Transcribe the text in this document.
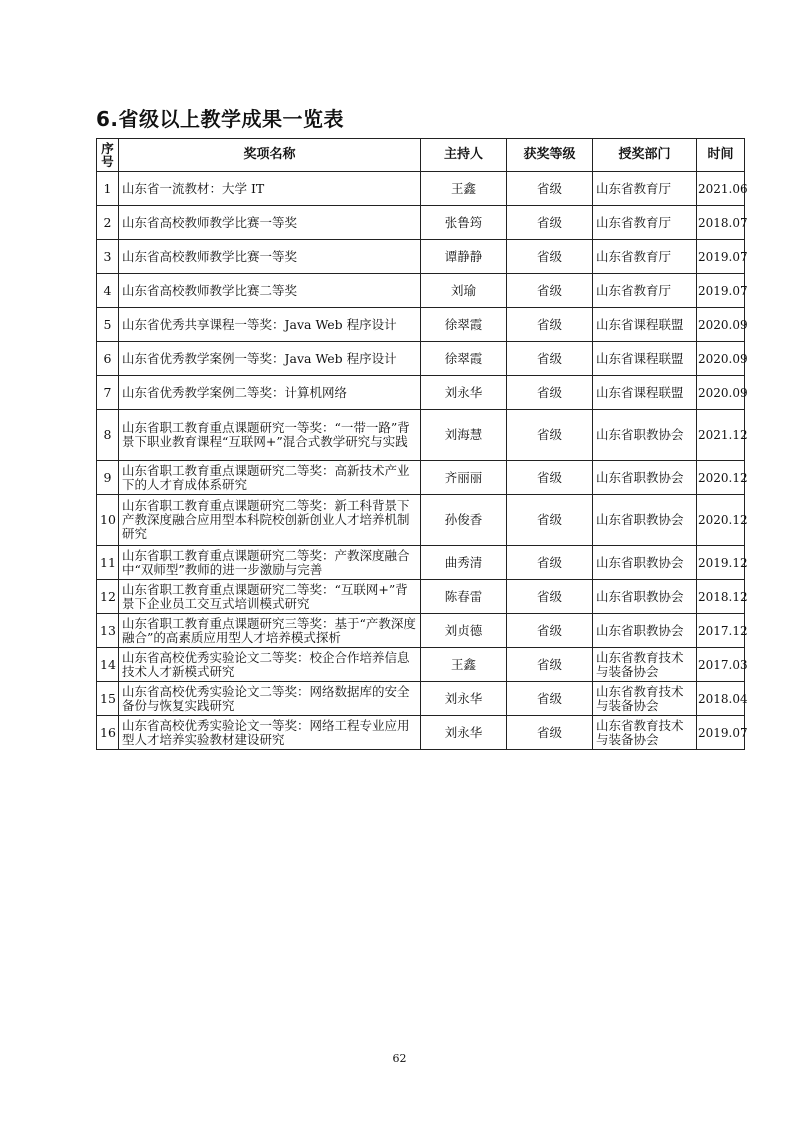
6.省级以上教学成果一览表
序号	奖项名称	主持人	获奖等级	授奖部门	时间
1	山东省一流教材：大学 IT	王鑫	省级	山东省教育厅	2021.06
2	山东省高校教师教学比赛一等奖	张鲁筠	省级	山东省教育厅	2018.07
3	山东省高校教师教学比赛一等奖	谭静静	省级	山东省教育厅	2019.07
4	山东省高校教师教学比赛二等奖	刘瑜	省级	山东省教育厅	2019.07
5	山东省优秀共享课程一等奖：Java Web 程序设计	徐翠霞	省级	山东省课程联盟	2020.09
6	山东省优秀教学案例一等奖：Java Web 程序设计	徐翠霞	省级	山东省课程联盟	2020.09
7	山东省优秀教学案例二等奖：计算机网络	刘永华	省级	山东省课程联盟	2020.09
8	山东省职工教育重点课题研究一等奖：“一带一路”背景下职业教育课程“互联网+”混合式教学研究与实践	刘海慧	省级	山东省职教协会	2021.12
9	山东省职工教育重点课题研究二等奖：高新技术产业下的人才育成体系研究	齐丽丽	省级	山东省职教协会	2020.12
10	山东省职工教育重点课题研究二等奖：新工科背景下产教深度融合应用型本科院校创新创业人才培养机制研究	孙俊香	省级	山东省职教协会	2020.12
11	山东省职工教育重点课题研究二等奖：产教深度融合中“双师型”教师的进一步激励与完善	曲秀清	省级	山东省职教协会	2019.12
12	山东省职工教育重点课题研究二等奖：“互联网+”背景下企业员工交互式培训模式研究	陈春雷	省级	山东省职教协会	2018.12
13	山东省职工教育重点课题研究三等奖：基于“产教深度融合”的高素质应用型人才培养模式探析	刘贞德	省级	山东省职教协会	2017.12
14	山东省高校优秀实验论文二等奖：校企合作培养信息技术人才新模式研究	王鑫	省级	山东省教育技术与装备协会	2017.03
15	山东省高校优秀实验论文二等奖：网络数据库的安全备份与恢复实践研究	刘永华	省级	山东省教育技术与装备协会	2018.04
16	山东省高校优秀实验论文一等奖：网络工程专业应用型人才培养实验教材建设研究	刘永华	省级	山东省教育技术与装备协会	2019.07
62
